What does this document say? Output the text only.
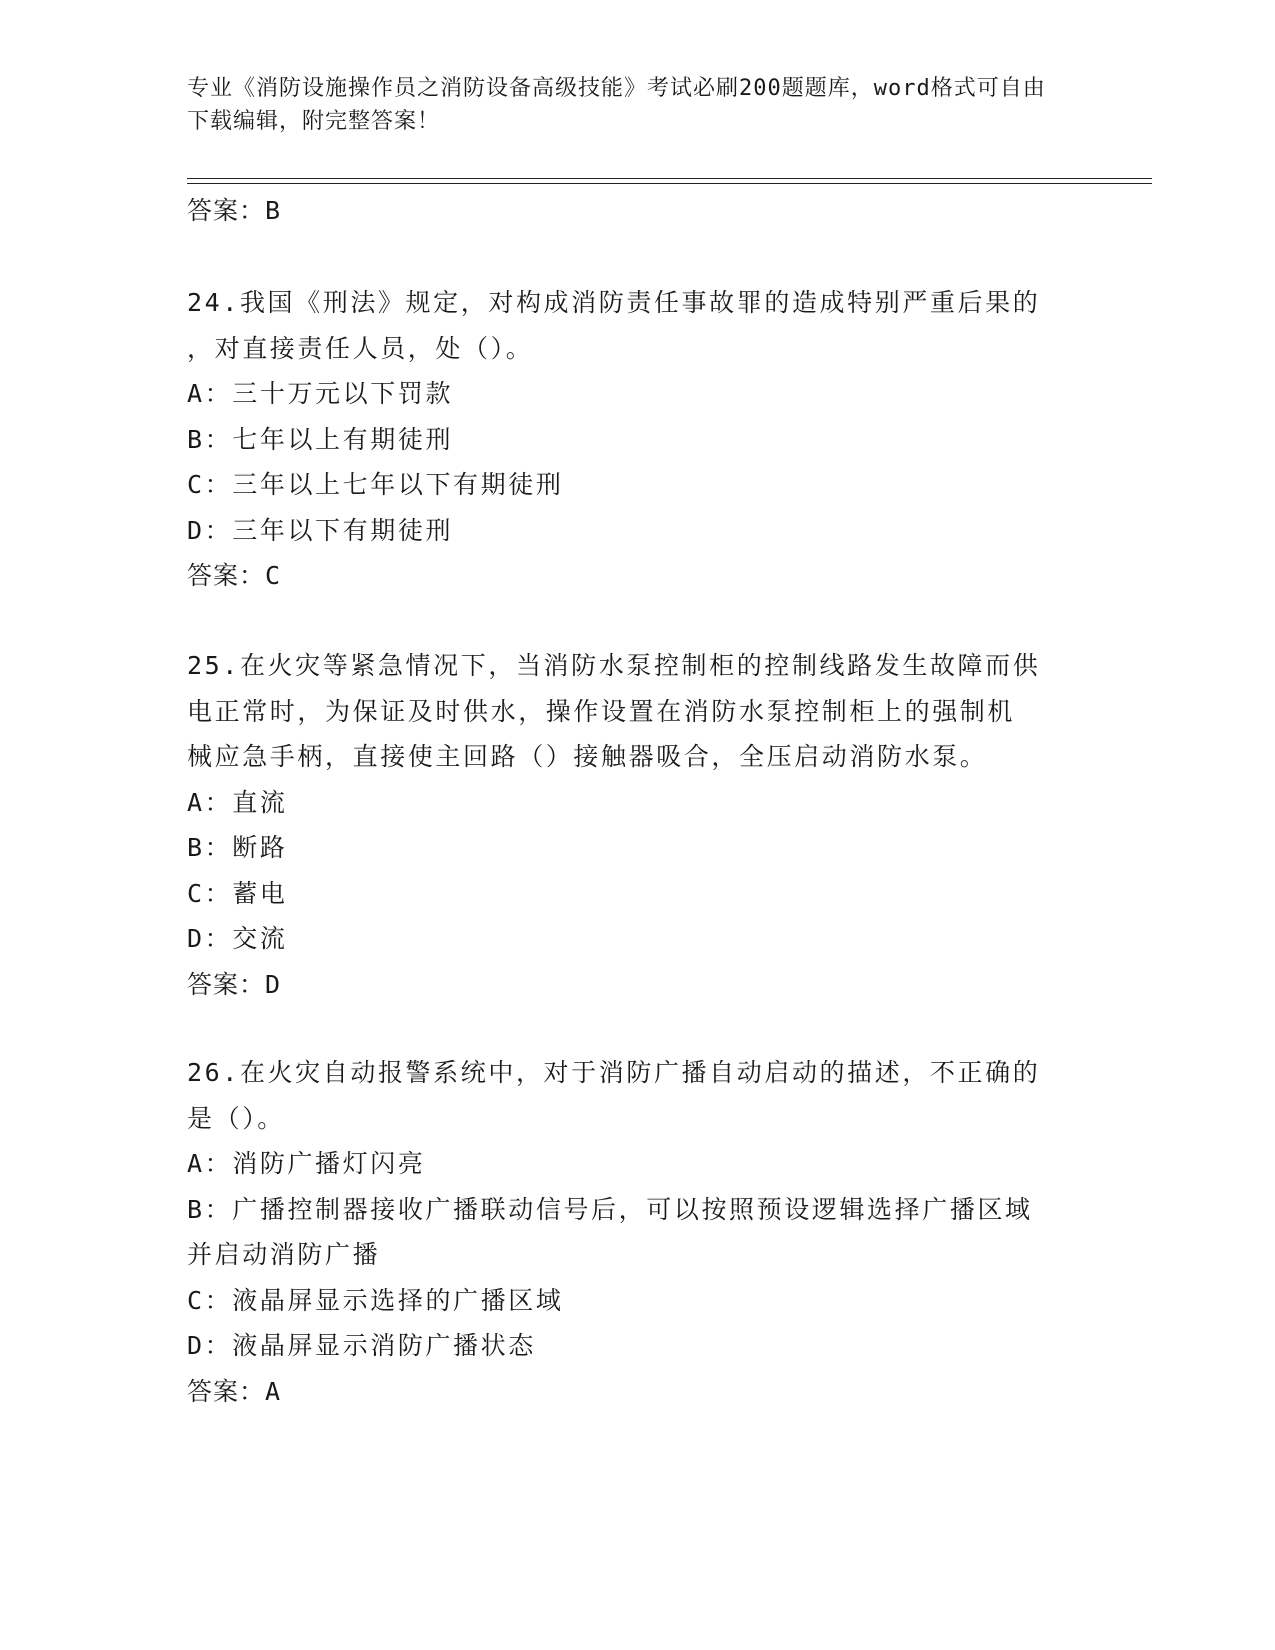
专业《消防设施操作员之消防设备高级技能》考试必刷200题题库，word格式可自由下载编辑，附完整答案！
答案：B
24.我国《刑法》规定，对构成消防责任事故罪的造成特别严重后果的
，对直接责任人员，处（）。
A：三十万元以下罚款
B：七年以上有期徒刑
C：三年以上七年以下有期徒刑
D：三年以下有期徒刑
答案：C
25.在火灾等紧急情况下，当消防水泵控制柜的控制线路发生故障而供
电正常时，为保证及时供水，操作设置在消防水泵控制柜上的强制机
械应急手柄，直接使主回路（）接触器吸合，全压启动消防水泵。
A：直流
B：断路
C：蓄电
D：交流
答案：D
26.在火灾自动报警系统中，对于消防广播自动启动的描述，不正确的
是（）。
A：消防广播灯闪亮
B：广播控制器接收广播联动信号后，可以按照预设逻辑选择广播区域
并启动消防广播
C：液晶屏显示选择的广播区域
D：液晶屏显示消防广播状态
答案：A
